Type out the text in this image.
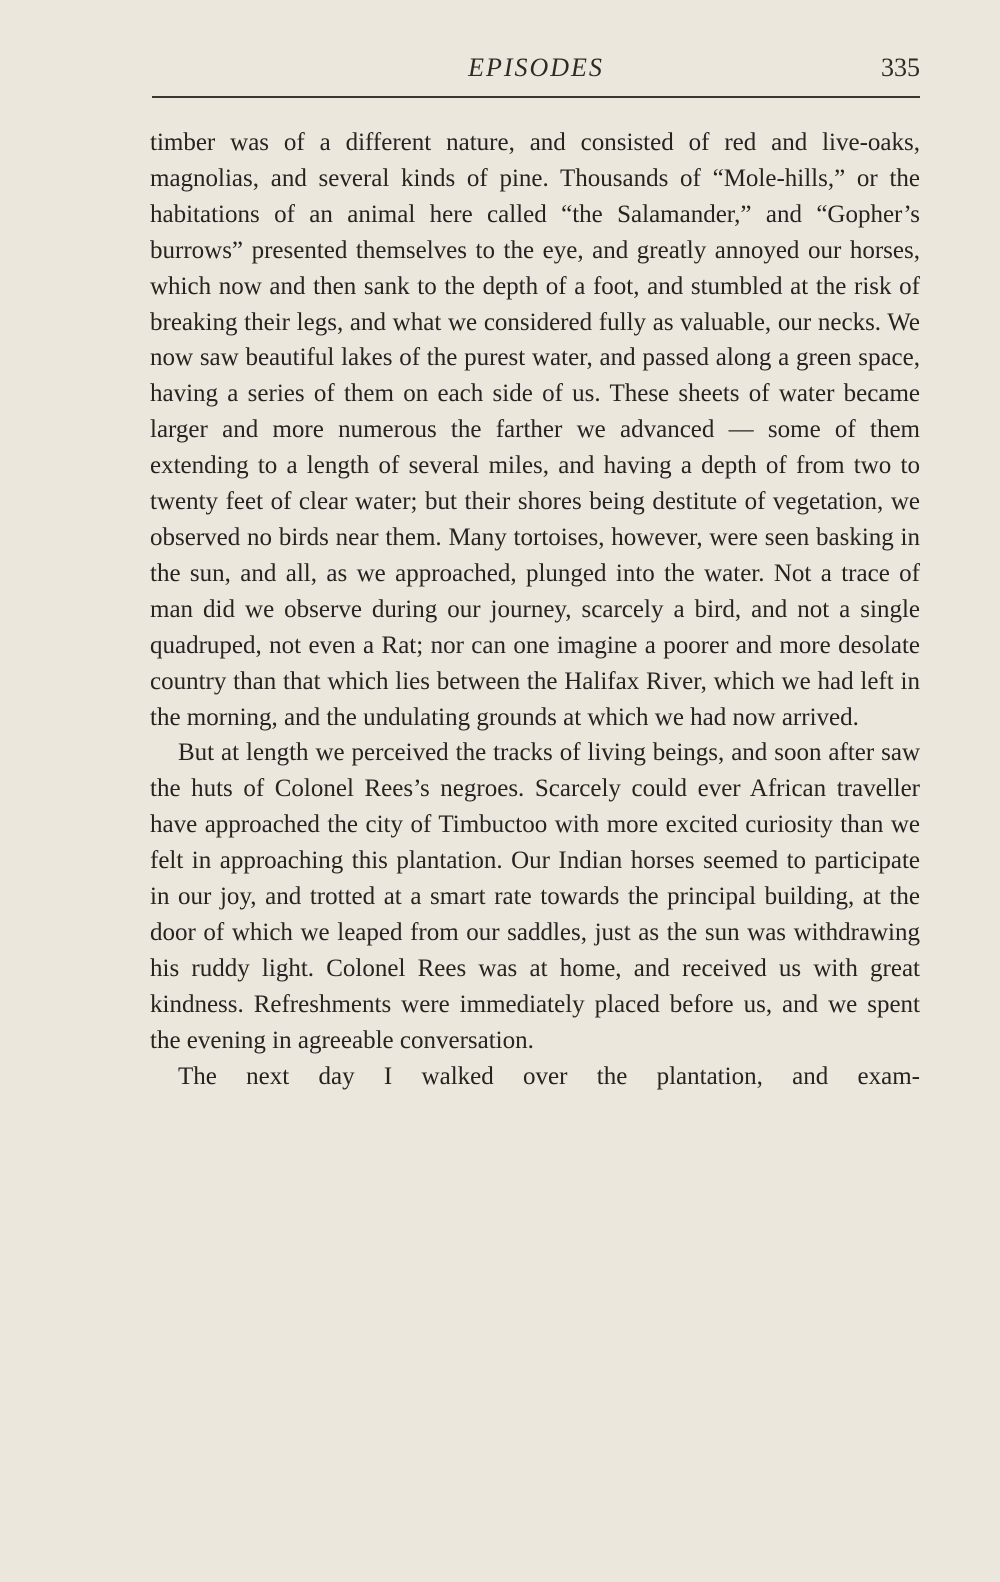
EPISODES	335

timber was of a different nature, and consisted of red and live-oaks, magnolias, and several kinds of pine. Thousands of “Mole-hills,” or the habitations of an animal here called “the Salamander,” and “Gopher’s burrows” presented themselves to the eye, and greatly annoyed our horses, which now and then sank to the depth of a foot, and stumbled at the risk of breaking their legs, and what we considered fully as valuable, our necks. We now saw beautiful lakes of the purest water, and passed along a green space, having a series of them on each side of us. These sheets of water became larger and more numerous the farther we advanced — some of them extending to a length of several miles, and having a depth of from two to twenty feet of clear water; but their shores being destitute of vegetation, we observed no birds near them. Many tortoises, however, were seen basking in the sun, and all, as we approached, plunged into the water. Not a trace of man did we observe during our journey, scarcely a bird, and not a single quadruped, not even a Rat; nor can one imagine a poorer and more desolate country than that which lies between the Halifax River, which we had left in the morning, and the undulating grounds at which we had now arrived.

But at length we perceived the tracks of living beings, and soon after saw the huts of Colonel Rees’s negroes. Scarcely could ever African traveller have approached the city of Timbuctoo with more excited curiosity than we felt in approaching this plantation. Our Indian horses seemed to participate in our joy, and trotted at a smart rate towards the principal building, at the door of which we leaped from our saddles, just as the sun was withdrawing his ruddy light. Colonel Rees was at home, and received us with great kindness. Refreshments were immediately placed before us, and we spent the evening in agreeable conversation.

The next day I walked over the plantation, and exam-
